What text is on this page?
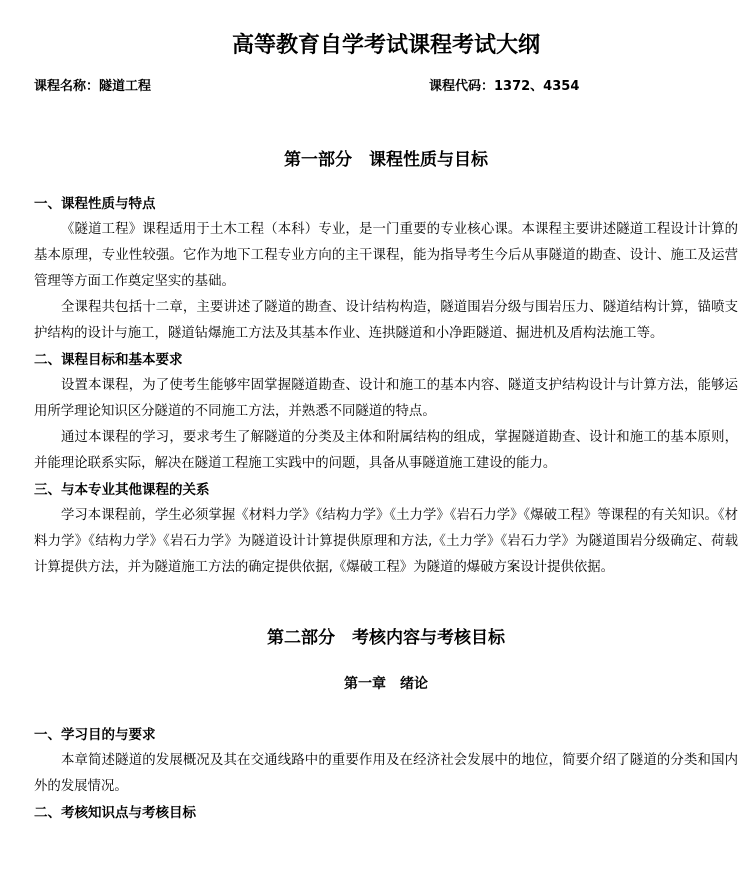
高等教育自学考试课程考试大纲
课程名称：隧道工程	课程代码：1372、4354
第一部分　课程性质与目标
一、课程性质与特点
《隧道工程》课程适用于土木工程（本科）专业，是一门重要的专业核心课。本课程主要讲述隧道工程设计计算的基本原理，专业性较强。它作为地下工程专业方向的主干课程，能为指导考生今后从事隧道的勘查、设计、施工及运营管理等方面工作奠定坚实的基础。
全课程共包括十二章，主要讲述了隧道的勘查、设计结构构造，隧道围岩分级与围岩压力、隧道结构计算，锚喷支护结构的设计与施工，隧道钻爆施工方法及其基本作业、连拱隧道和小净距隧道、掘进机及盾构法施工等。
二、课程目标和基本要求
设置本课程，为了使考生能够牢固掌握隧道勘查、设计和施工的基本内容、隧道支护结构设计与计算方法，能够运用所学理论知识区分隧道的不同施工方法，并熟悉不同隧道的特点。
通过本课程的学习，要求考生了解隧道的分类及主体和附属结构的组成，掌握隧道勘查、设计和施工的基本原则，并能理论联系实际，解决在隧道工程施工实践中的问题，具备从事隧道施工建设的能力。
三、与本专业其他课程的关系
学习本课程前，学生必须掌握《材料力学》《结构力学》《土力学》《岩石力学》《爆破工程》等课程的有关知识。《材料力学》《结构力学》《岩石力学》为隧道设计计算提供原理和方法,《土力学》《岩石力学》为隧道围岩分级确定、荷载计算提供方法，并为隧道施工方法的确定提供依据,《爆破工程》为隧道的爆破方案设计提供依据。
第二部分　考核内容与考核目标
第一章　绪论
一、学习目的与要求
本章简述隧道的发展概况及其在交通线路中的重要作用及在经济社会发展中的地位，简要介绍了隧道的分类和国内外的发展情况。
二、考核知识点与考核目标
